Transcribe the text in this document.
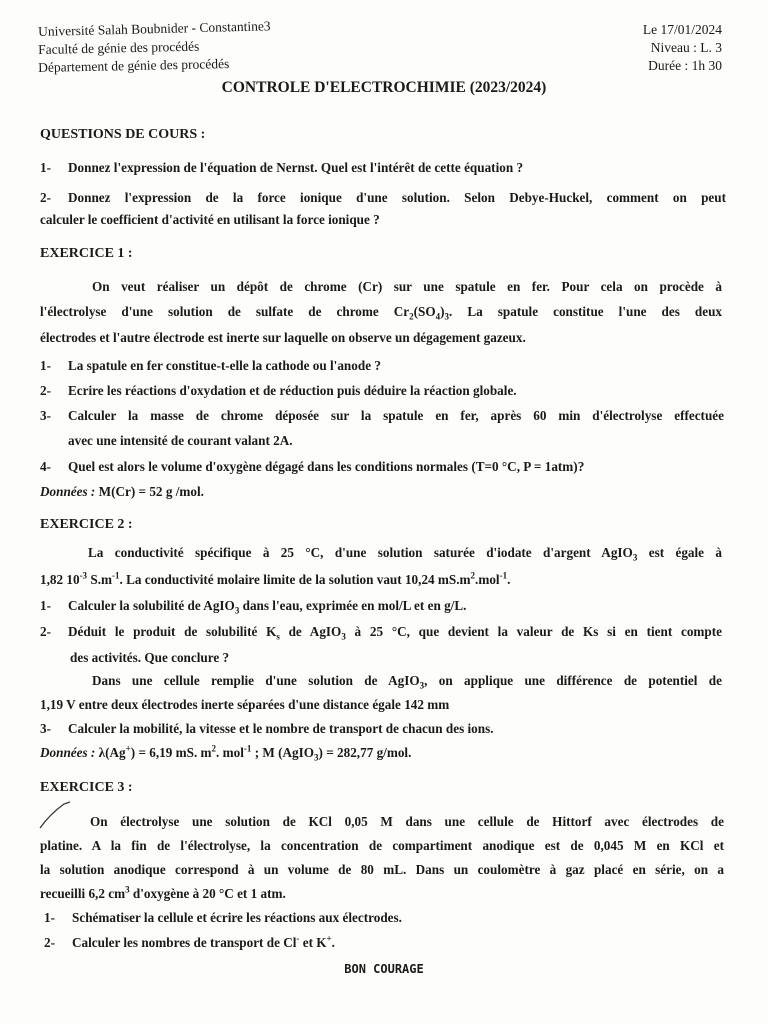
Université Salah Boubnider - Constantine3
Faculté de génie des procédés
Département de génie des procédés
Le 17/01/2024
Niveau : L. 3
Durée : 1h 30
CONTROLE D'ELECTROCHIMIE (2023/2024)
QUESTIONS DE COURS :
1- Donnez l'expression de l'équation de Nernst. Quel est l'intérêt de cette équation ?
2- Donnez l'expression de la force ionique d'une solution. Selon Debye-Huckel, comment on peut
calculer le coefficient d'activité en utilisant la force ionique ?
EXERCICE 1 :
On veut réaliser un dépôt de chrome (Cr) sur une spatule en fer. Pour cela on procède à
l'électrolyse d'une solution de sulfate de chrome $Cr_2(SO_4)_3$. La spatule constitue l'une des deux
électrodes et l'autre électrode est inerte sur laquelle on observe un dégagement gazeux.
1- La spatule en fer constitue-t-elle la cathode ou l'anode ?
2- Ecrire les réactions d'oxydation et de réduction puis déduire la réaction globale.
3- Calculer la masse de chrome déposée sur la spatule en fer, après 60 min d'électrolyse effectuée
avec une intensité de courant valant 2A.
4- Quel est alors le volume d'oxygène dégagé dans les conditions normales (T=0 °C, P = 1atm)?
Données : M(Cr) = 52 g /mol.
EXERCICE 2 :
La conductivité spécifique à 25 °C, d'une solution saturée d'iodate d'argent AgIO$_3$ est égale à
1,82 $10^{-3}$ $S.m^{-1}$. La conductivité molaire limite de la solution vaut 10,24 $mS.m^2.mol^{-1}$.
1- Calculer la solubilité de AgIO$_3$ dans l'eau, exprimée en mol/L et en g/L.
2- Déduit le produit de solubilité $K_s$ de AgIO$_3$ à 25 °C, que devient la valeur de Ks si en tient compte
des activités. Que conclure ?
Dans une cellule remplie d'une solution de AgIO$_3$, on applique une différence de potentiel de
1,19 V entre deux électrodes inerte séparées d'une distance égale 142 mm
3- Calculer la mobilité, la vitesse et le nombre de transport de chacun des ions.
Données : λ(Ag+) = 6,19 mS. $m^2$. mol$^{-1}$ ; M (AgIO$_3$) = 282,77 g/mol.
EXERCICE 3 :
On électrolyse une solution de KCl 0,05 M dans une cellule de Hittorf avec électrodes de
platine. A la fin de l'électrolyse, la concentration de compartiment anodique est de 0,045 M en KCl et
la solution anodique correspond à un volume de 80 mL. Dans un coulomètre à gaz placé en série, on a
recueilli 6,2 $cm^3$ d'oxygène à 20 °C et 1 atm.
1- Schématiser la cellule et écrire les réactions aux électrodes.
2- Calculer les nombres de transport de Cl- et K+.
BON COURAGE
